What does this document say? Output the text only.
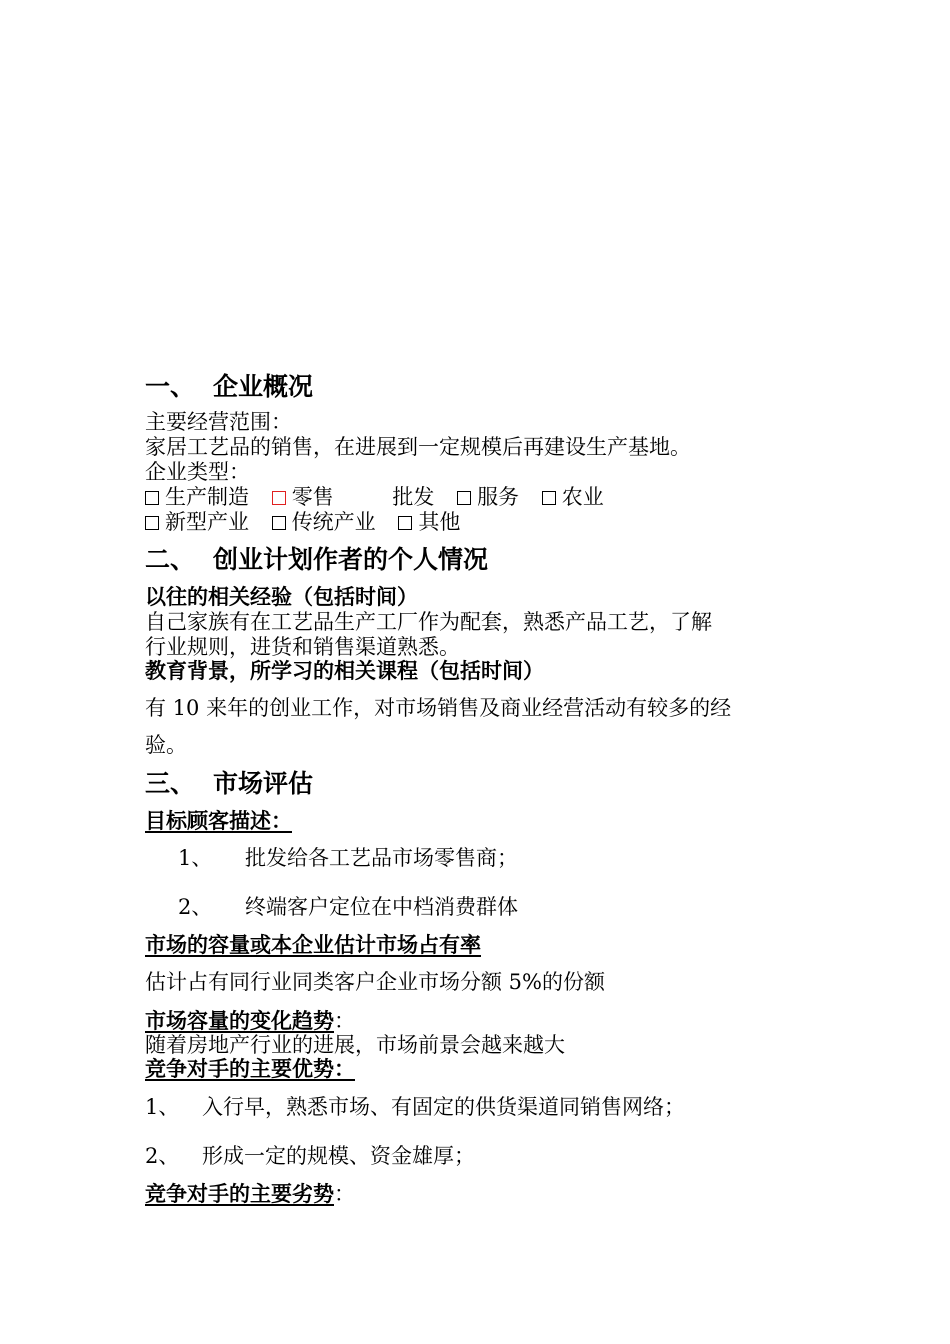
一、 企业概况
主要经营范围：
家居工艺品的销售，在进展到一定规模后再建设生产基地。
企业类型：
生产制造 零售	批发 服务 农业
新型产业 传统产业 其他
二、 创业计划作者的个人情况
以往的相关经验（包括时间）
自己家族有在工艺品生产工厂作为配套，熟悉产品工艺，了解
行业规则，进货和销售渠道熟悉。
教育背景，所学习的相关课程（包括时间）
有 10 来年的创业工作，对市场销售及商业经营活动有较多的经
验。
三、 市场评估
目标顾客描述：
1、 批发给各工艺品市场零售商；
2、 终端客户定位在中档消费群体
市场的容量或本企业估计市场占有率
估计占有同行业同类客户企业市场分额 5%的份额
市场容量的变化趋势：
随着房地产行业的进展，市场前景会越来越大
竞争对手的主要优势：
1、 入行早，熟悉市场、有固定的供货渠道同销售网络；
2、 形成一定的规模、资金雄厚；
竞争对手的主要劣势：
